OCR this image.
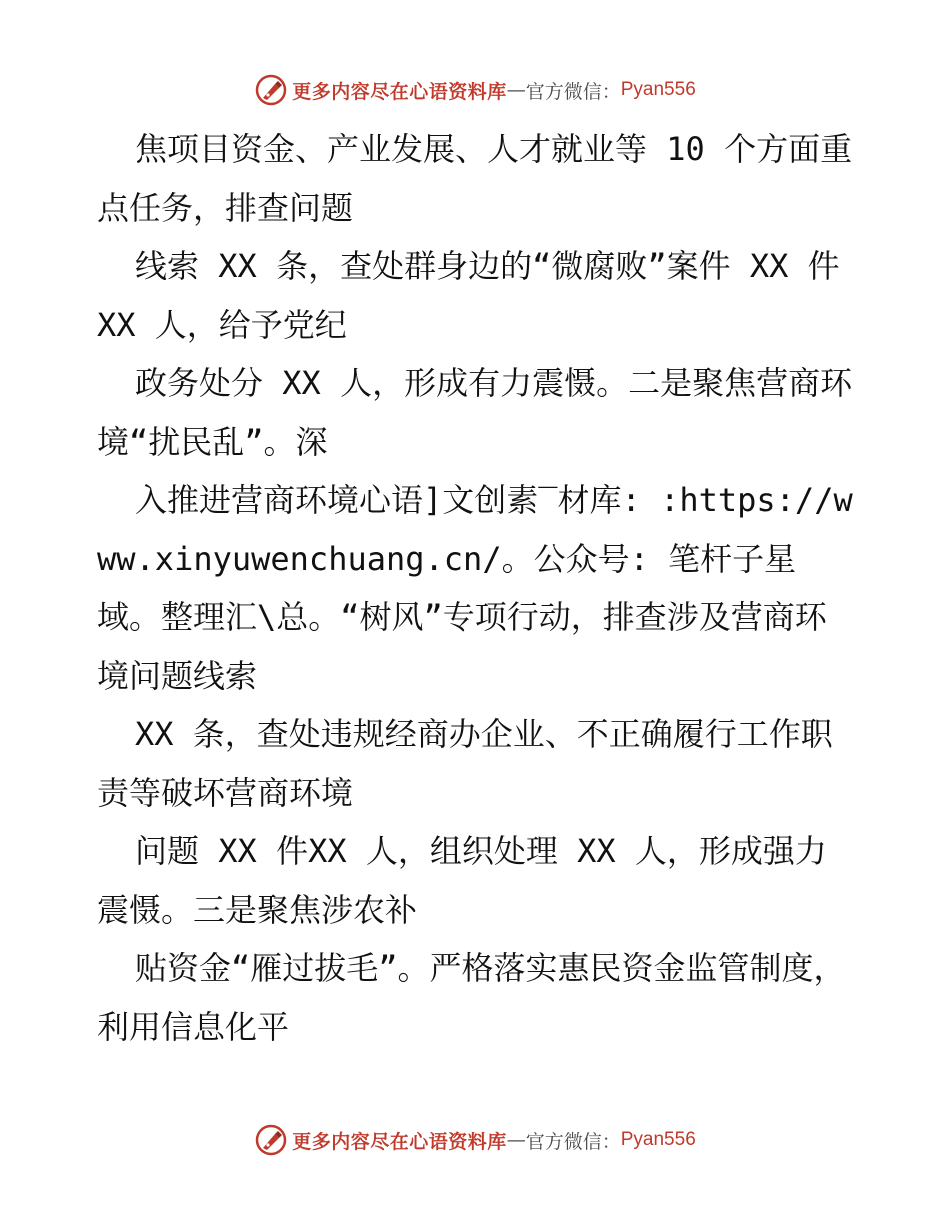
更多内容尽在心语资料库 — 官方微信： Pyan556

焦项目资金、产业发展、人才就业等 10 个方面重点任务，排查问题

线索 XX 条，查处群身边的“微腐败”案件 XX 件XX 人，给予党纪

政务处分 XX 人，形成有力震慑。二是聚焦营商环境“扰民乱”。深

入推进营商环境心语]文创素‾材库: :https://www.xinyuwenchuang.cn/。公众号: 笔杆子星域。整理汇\总。“树风”专项行动，排查涉及营商环境问题线索

XX 条，查处违规经商办企业、不正确履行工作职责等破坏营商环境

问题 XX 件XX 人，组织处理 XX 人，形成强力震慑。三是聚焦涉农补

贴资金“雁过拔毛”。严格落实惠民资金监管制度，利用信息化平

更多内容尽在心语资料库 — 官方微信： Pyan556
